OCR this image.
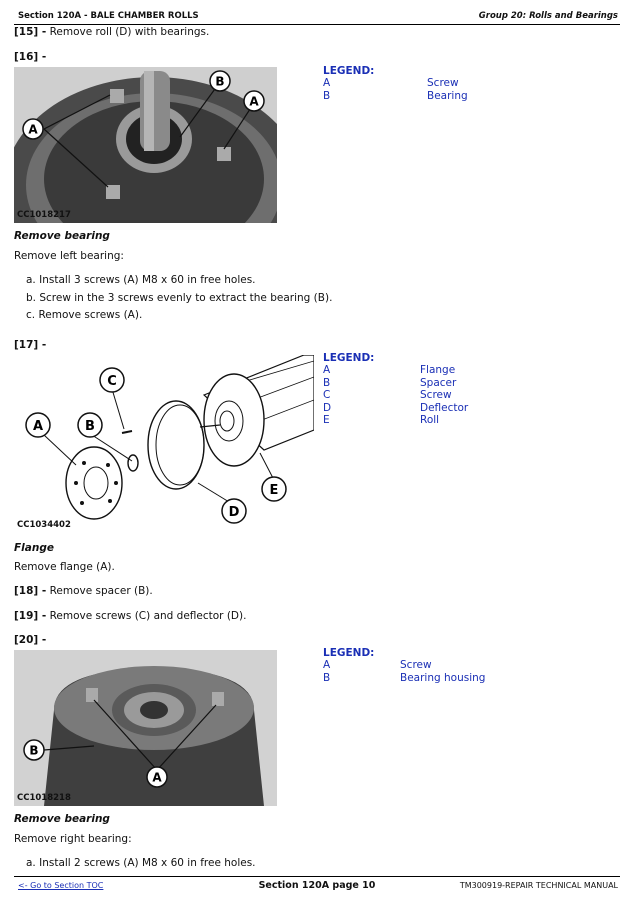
Section 120A - BALE CHAMBER ROLLS	Group 20: Rolls and Bearings
[15] - Remove roll (D) with bearings.
[16] -
A
B
A
CC1018217
LEGEND:
A	Screw
B	Bearing
Remove bearing
Remove left bearing:
a. Install 3 screws (A) M8 x 60 in free holes.
b. Screw in the 3 screws evenly to extract the bearing (B).
c. Remove screws (A).
[17] -
A	B
C
D
E
CC1034402
LEGEND:
A	Flange
B	Spacer
C	Screw
D	Deflector
E	Roll
Flange
Remove flange (A).
[18] - Remove spacer (B).
[19] - Remove screws (C) and deflector (D).
[20] -
B
A
CC1018218
LEGEND:
A	Screw
B	Bearing housing
Remove bearing
Remove right bearing:
a. Install 2 screws (A) M8 x 60 in free holes.
<- Go to Section TOC	Section 120A page 10	TM300919-REPAIR TECHNICAL MANUAL
